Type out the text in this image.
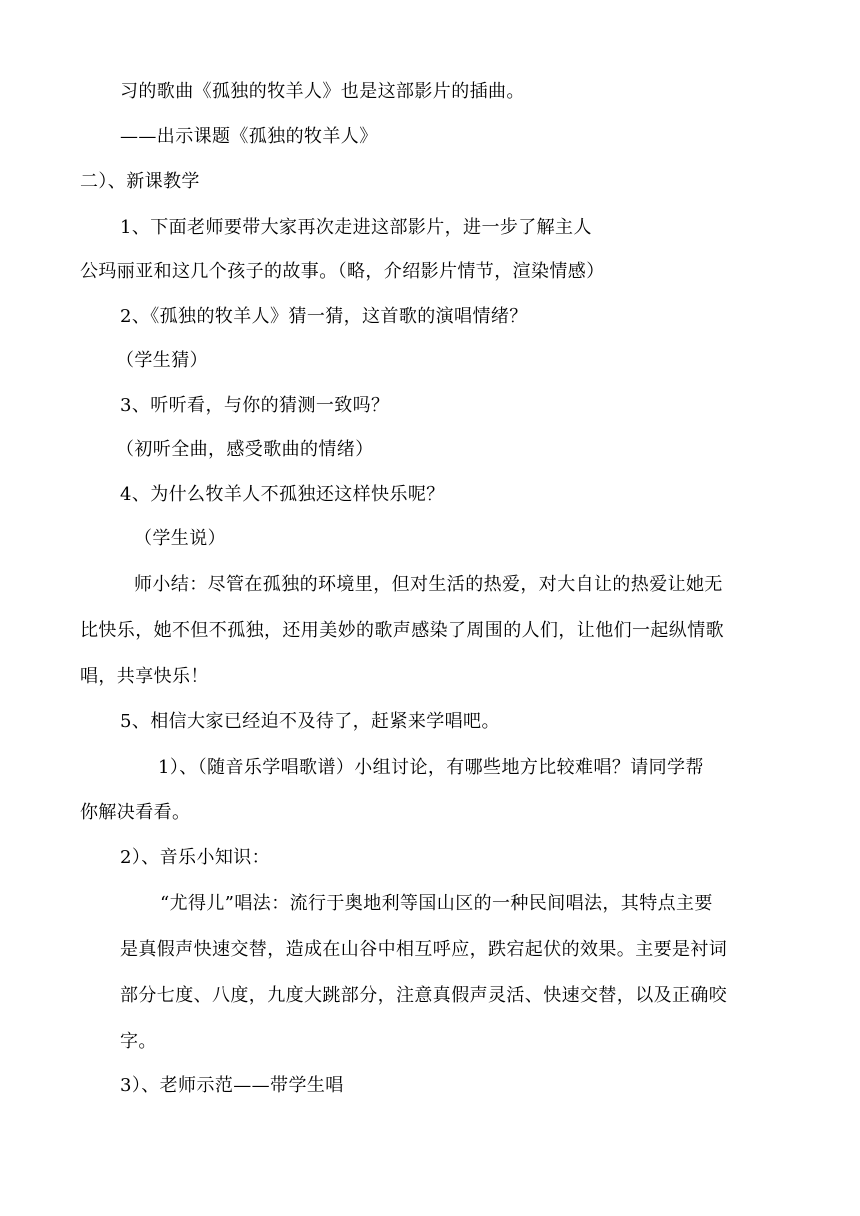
习的歌曲《孤独的牧羊人》也是这部影片的插曲。
——出示课题《孤独的牧羊人》
二）、新课教学
1、下面老师要带大家再次走进这部影片，进一步了解主人
公玛丽亚和这几个孩子的故事。（略，介绍影片情节，渲染情感）
2、《孤独的牧羊人》猜一猜，这首歌的演唱情绪？
（学生猜）
3、听听看，与你的猜测一致吗？
（初听全曲，感受歌曲的情绪）
4、为什么牧羊人不孤独还这样快乐呢？
（学生说）
师小结：尽管在孤独的环境里，但对生活的热爱，对大自让的热爱让她无
比快乐，她不但不孤独，还用美妙的歌声感染了周围的人们，让他们一起纵情歌
唱，共享快乐！
5、相信大家已经迫不及待了，赶紧来学唱吧。
1）、（随音乐学唱歌谱）小组讨论，有哪些地方比较难唱？请同学帮
你解决看看。
2）、音乐小知识：
“尤得儿”唱法：流行于奥地利等国山区的一种民间唱法，其特点主要
是真假声快速交替，造成在山谷中相互呼应，跌宕起伏的效果。主要是衬词
部分七度、八度，九度大跳部分，注意真假声灵活、快速交替，以及正确咬
字。
3）、老师示范——带学生唱
